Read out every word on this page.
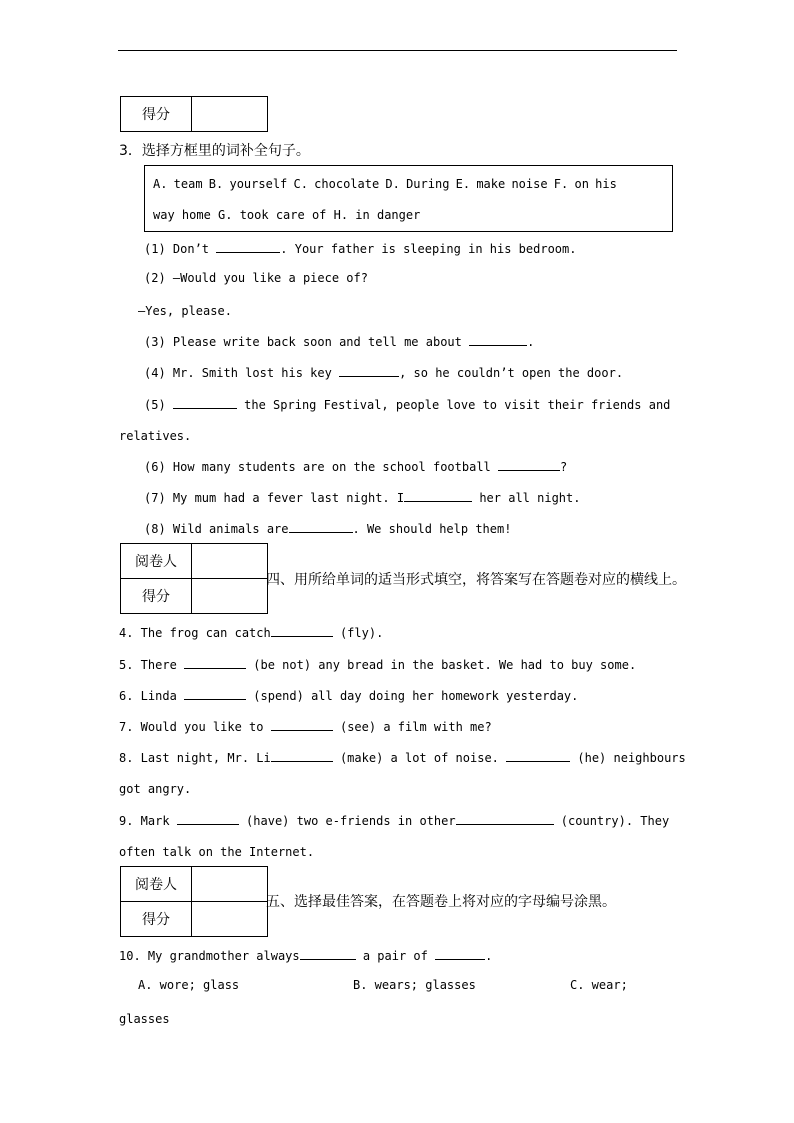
得分	
3．选择方框里的词补全句子。
A. team B. yourself C. chocolate D. During E. make noise F. on his
way home G. took care of H. in danger
(1) Don’t	. Your father is sleeping in his bedroom.
(2) —Would you like a piece of?
—Yes, please.
(3) Please write back soon and tell me about	.
(4) Mr. Smith lost his key	, so he couldn’t open the door.
(5)	the Spring Festival, people love to visit their friends and
relatives.
(6) How many students are on the school football	?
(7) My mum had a fever last night. I	her all night.
(8) Wild animals are	. We should help them!
阅卷人	
得分	
四、用所给单词的适当形式填空，将答案写在答题卷对应的横线上。
4. The frog can catch	(fly).
5. There	(be not) any bread in the basket. We had to buy some.
6. Linda	(spend) all day doing her homework yesterday.
7. Would you like to	(see) a film with me?
8. Last night, Mr. Li	(make) a lot of noise.	(he) neighbours
got angry.
9. Mark	(have) two e-friends in other	(country). They
often talk on the Internet.
阅卷人	
得分	
五、选择最佳答案，在答题卷上将对应的字母编号涂黑。
10. My grandmother always	a pair of	.
A. wore; glass	B. wears; glasses	C. wear;
glasses
